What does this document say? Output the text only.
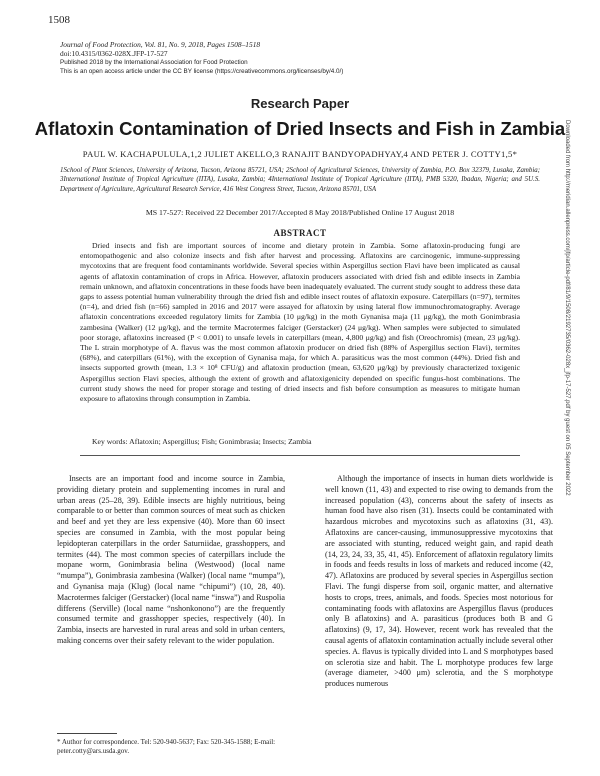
1508
Journal of Food Protection, Vol. 81, No. 9, 2018, Pages 1508–1518
doi:10.4315/0362-028X.JFP-17-527
Published 2018 by the International Association for Food Protection
This is an open access article under the CC BY license (https://creativecommons.org/licenses/by/4.0/)
Research Paper
Aflatoxin Contamination of Dried Insects and Fish in Zambia
PAUL W. KACHAPULULA,1,2 JULIET AKELLO,3 RANAJIT BANDYOPADHYAY,4 AND PETER J. COTTY1,5*
1School of Plant Sciences, University of Arizona, Tucson, Arizona 85721, USA; 2School of Agricultural Sciences, University of Zambia, P.O. Box 32379, Lusaka, Zambia; 3International Institute of Tropical Agriculture (IITA), Lusaka, Zambia; 4International Institute of Tropical Agriculture (IITA), PMB 5320, Ibadan, Nigeria; and 5U.S. Department of Agriculture, Agricultural Research Service, 416 West Congress Street, Tucson, Arizona 85701, USA
MS 17-527: Received 22 December 2017/Accepted 8 May 2018/Published Online 17 August 2018
ABSTRACT
Dried insects and fish are important sources of income and dietary protein in Zambia. Some aflatoxin-producing fungi are entomopathogenic and also colonize insects and fish after harvest and processing. Aflatoxins are carcinogenic, immune-suppressing mycotoxins that are frequent food contaminants worldwide. Several species within Aspergillus section Flavi have been implicated as causal agents of aflatoxin contamination of crops in Africa. However, aflatoxin producers associated with dried fish and edible insects in Zambia remain unknown, and aflatoxin concentrations in these foods have been inadequately evaluated. The current study sought to address these data gaps to assess potential human vulnerability through the dried fish and edible insect routes of aflatoxin exposure. Caterpillars (n=97), termites (n=4), and dried fish (n=66) sampled in 2016 and 2017 were assayed for aflatoxin by using lateral flow immunochromatography. Average aflatoxin concentrations exceeded regulatory limits for Zambia (10 μg/kg) in the moth Gynanisa maja (11 μg/kg), the moth Gonimbrasia zambesina (Walker) (12 μg/kg), and the termite Macrotermes falciger (Gerstacker) (24 μg/kg). When samples were subjected to simulated poor storage, aflatoxins increased (P < 0.001) to unsafe levels in caterpillars (mean, 4,800 μg/kg) and fish (Oreochromis) (mean, 23 μg/kg). The L strain morphotype of A. flavus was the most common aflatoxin producer on dried fish (88% of Aspergillus section Flavi), termites (68%), and caterpillars (61%), with the exception of Gynanisa maja, for which A. parasiticus was the most common (44%). Dried fish and insects supported growth (mean, 1.3 × 10⁸ CFU/g) and aflatoxin production (mean, 63,620 μg/kg) by previously characterized toxigenic Aspergillus section Flavi species, although the extent of growth and aflatoxigenicity depended on specific fungus-host combinations. The current study shows the need for proper storage and testing of dried insects and fish before consumption as measures to mitigate human exposure to aflatoxins through consumption in Zambia.
Key words: Aflatoxin; Aspergillus; Fish; Gonimbrasia; Insects; Zambia

Insects are an important food and income source in Zambia, providing dietary protein and supplementing incomes in rural and urban areas (25–28, 39). Edible insects are highly nutritious, being comparable to or better than common sources of meat such as chicken and beef and yet they are less expensive (40). More than 60 insect species are consumed in Zambia, with the most popular being lepidopteran caterpillars in the order Saturniidae, grasshoppers, and termites (44). The most common species of caterpillars include the mopane worm, Gonimbrasia belina (Westwood) (local name “mumpa”), Gonimbrasia zambesina (Walker) (local name “mumpa”), and Gynanisa maja (Klug) (local name “chipumi”) (10, 28, 40). Macrotermes falciger (Gerstacker) (local name “inswa”) and Ruspolia differens (Serville) (local name “nshonkonono”) are the frequently consumed termite and grasshopper species, respectively (40). In Zambia, insects are harvested in rural areas and sold in urban centers, making concerns over their safety relevant to the wider population.

Although the importance of insects in human diets worldwide is well known (11, 43) and expected to rise owing to demands from the increased population (43), concerns about the safety of insects as human food have also risen (31). Insects could be contaminated with hazardous microbes and mycotoxins such as aflatoxins (31, 43). Aflatoxins are cancer-causing, immunosuppressive mycotoxins that are associated with stunting, reduced weight gain, and rapid death (14, 23, 24, 33, 35, 41, 45). Enforcement of aflatoxin regulatory limits in foods and feeds results in loss of markets and reduced income (42, 47). Aflatoxins are produced by several species in Aspergillus section Flavi. The fungi disperse from soil, organic matter, and alternative hosts to crops, trees, animals, and foods. Species most notorious for contaminating foods with aflatoxins are Aspergillus flavus (produces only B aflatoxins) and A. parasiticus (produces both B and G aflatoxins) (9, 17, 34). However, recent work has revealed that the causal agents of aflatoxin contamination actually include several other species. A. flavus is typically divided into L and S morphotypes based on sclerotia size and habit. The L morphotype produces few large (average diameter, >400 μm) sclerotia, and the S morphotype produces numerous

* Author for correspondence. Tel: 520-940-5637; Fax: 520-345-1588; E-mail: peter.cotty@ars.usda.gov.
Downloaded from http://meridian.allenpress.com/jfp/article-pdf/81/9/1508/2192735/0362-028x_jfp-17-527.pdf by guest on 05 September 2022
